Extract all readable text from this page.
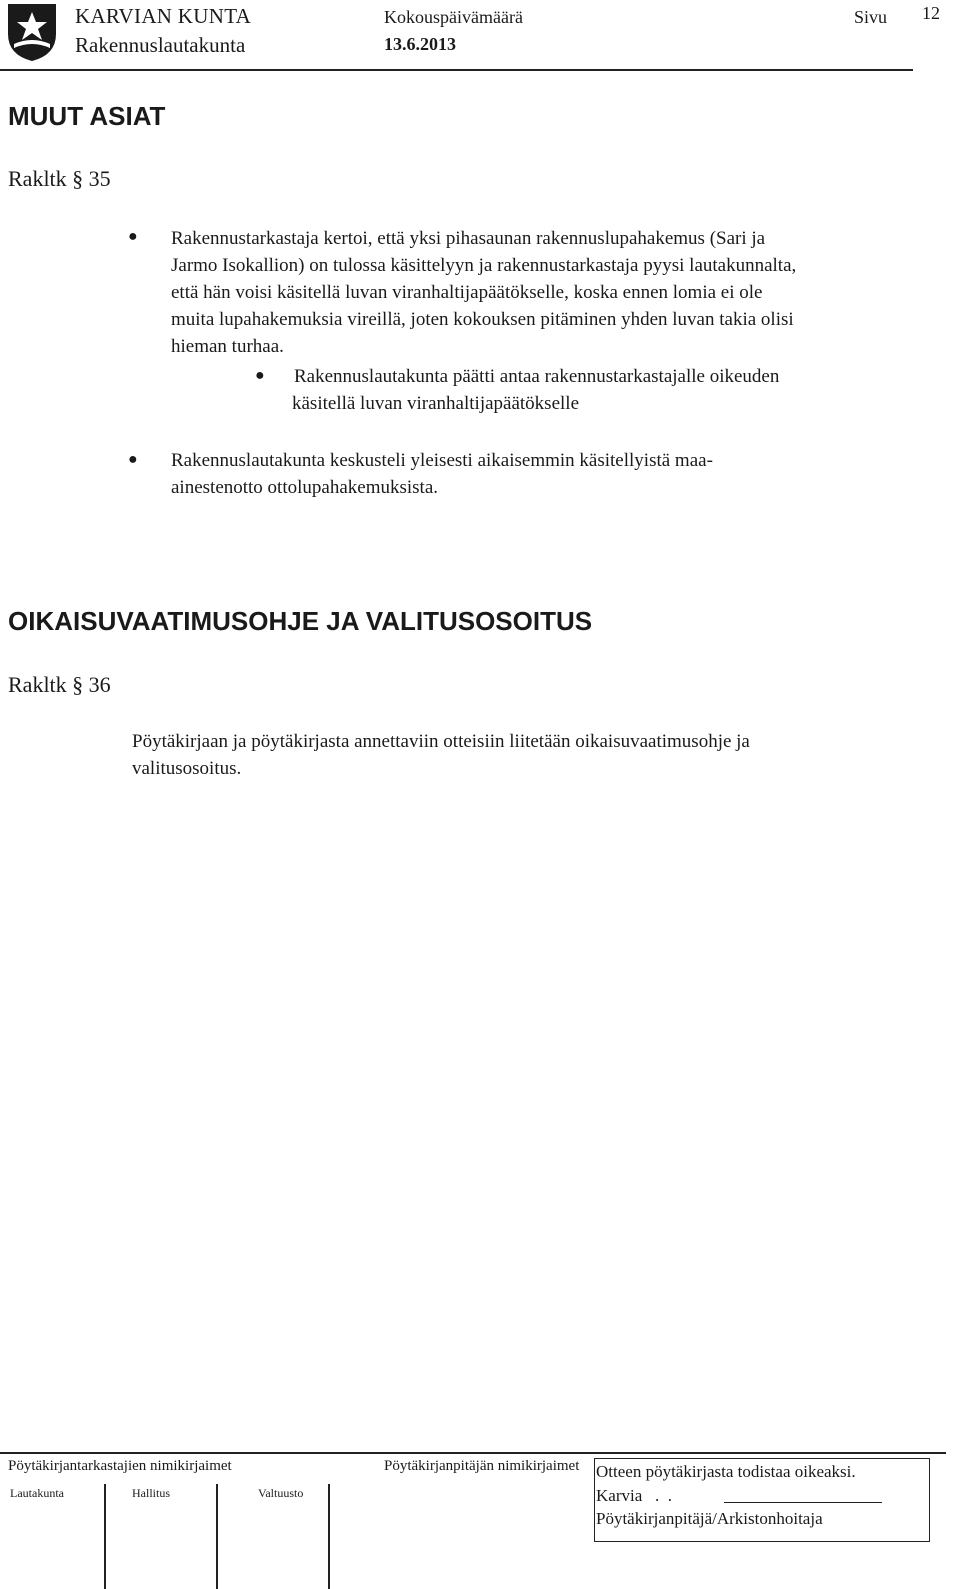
KARVIAN KUNTA
Rakennuslautakunta
Kokouspäivämäärä
13.6.2013
Sivu 12
MUUT ASIAT
Rakltk § 35
● Rakennustarkastaja kertoi, että yksi pihasaunan rakennuslupahakemus (Sari ja
Jarmo Isokallion) on tulossa käsittelyyn ja rakennustarkastaja pyysi lautakunnalta,
että hän voisi käsitellä luvan viranhaltijapäätökselle, koska ennen lomia ei ole
muita lupahakemuksia vireillä, joten kokouksen pitäminen yhden luvan takia olisi
hieman turhaa.
● Rakennuslautakunta päätti antaa rakennustarkastajalle oikeuden
käsitellä luvan viranhaltijapäätökselle
● Rakennuslautakunta keskusteli yleisesti aikaisemmin käsitellyistä maa-
ainestenotto ottolupahakemuksista.
OIKAISUVAATIMUSOHJE JA VALITUSOSOITUS
Rakltk § 36
Pöytäkirjaan ja pöytäkirjasta annettaviin otteisiin liitetään oikaisuvaatimusohje ja
valitusosoitus.
Pöytäkirjantarkastajien nimikirjaimet	Pöytäkirjanpitäjän nimikirjaimet
Lautakunta	Hallitus	Valtuusto
Otteen pöytäkirjasta todistaa oikeaksi.
Karvia   .  .
Pöytäkirjanpitäjä/Arkistonhoitaja
